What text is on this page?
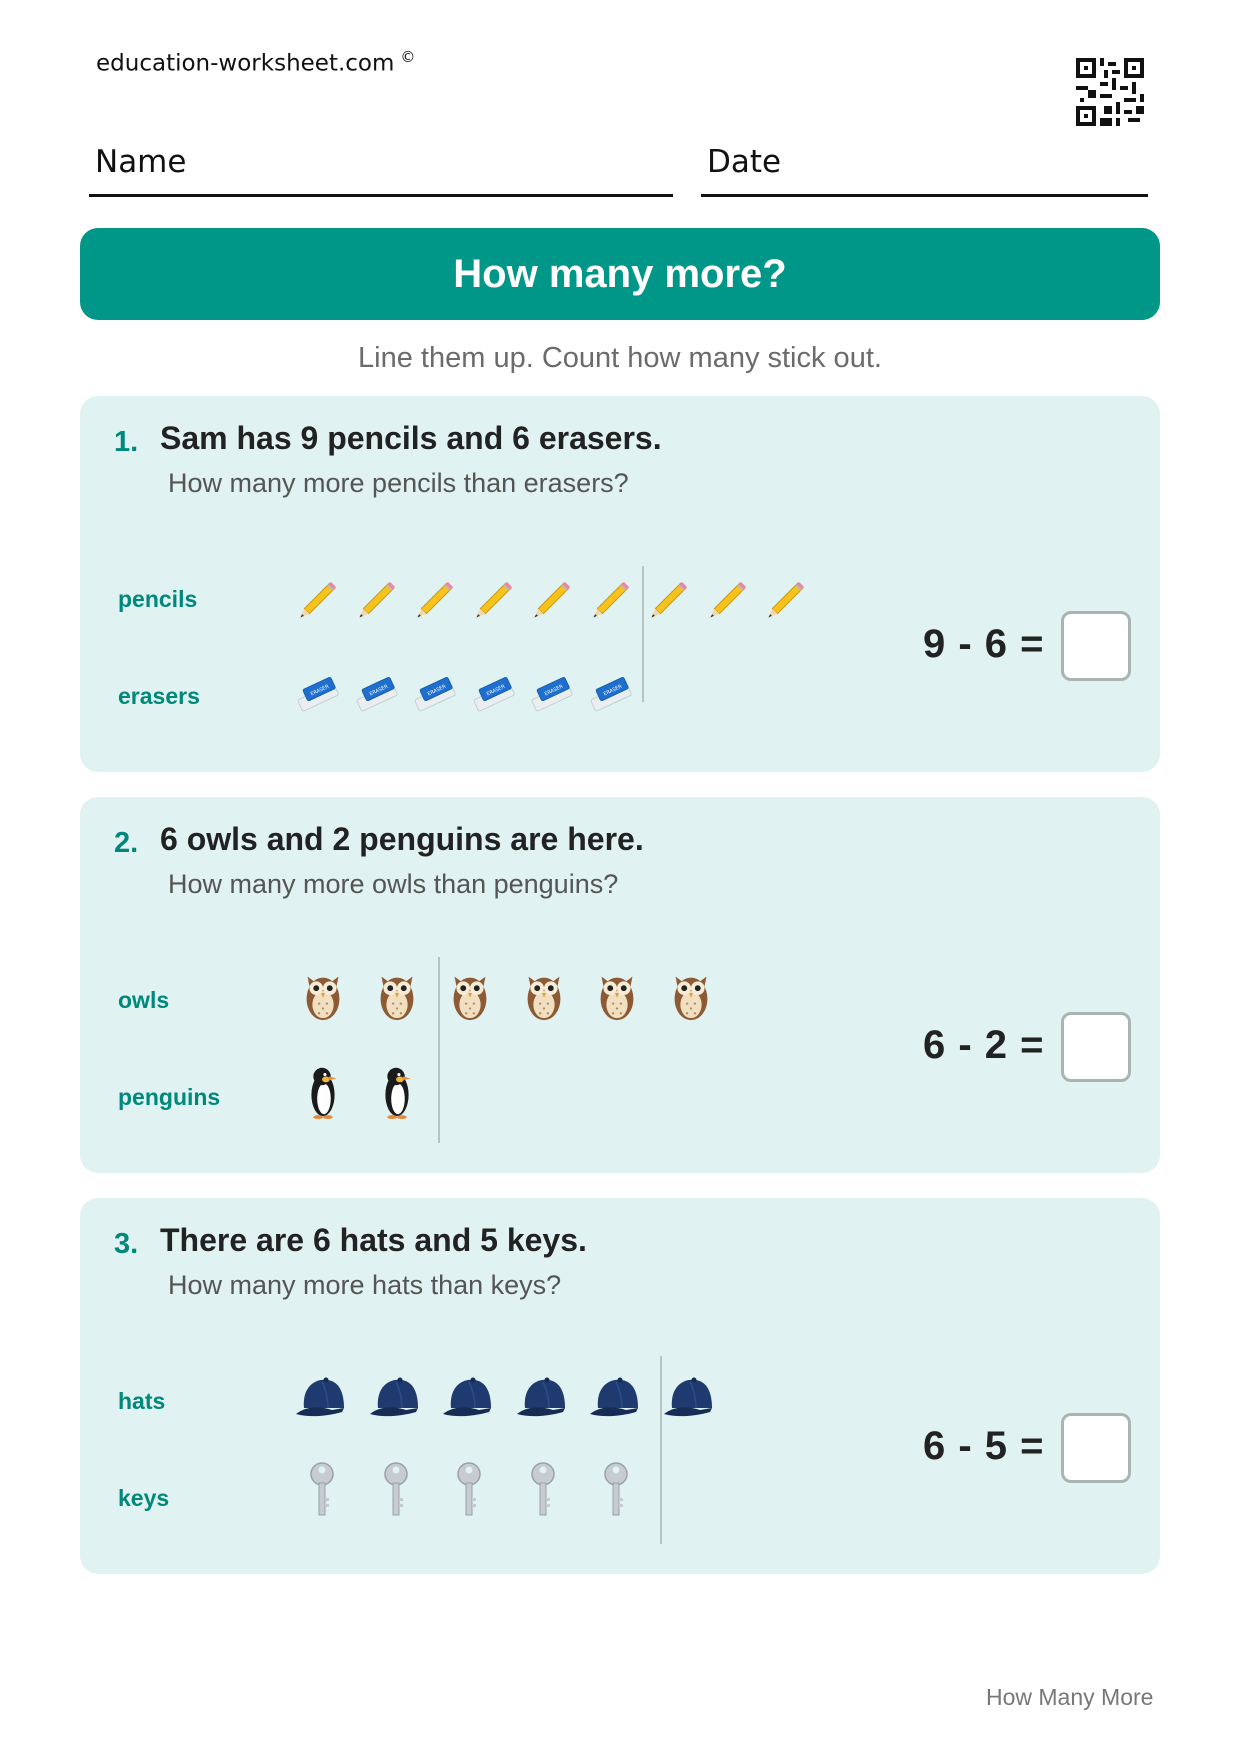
education-worksheet.com ©
Name	Date
How many more?
Line them up. Count how many stick out.
1. Sam has 9 pencils and 6 erasers.
How many more pencils than erasers?
pencils
erasers
9 - 6 =
ERASER	ERASER	ERASER	ERASER	ERASER	ERASER
2. 6 owls and 2 penguins are here.
How many more owls than penguins?
owls
penguins
6 - 2 =
3. There are 6 hats and 5 keys.
How many more hats than keys?
hats
keys
6 - 5 =
How Many More
